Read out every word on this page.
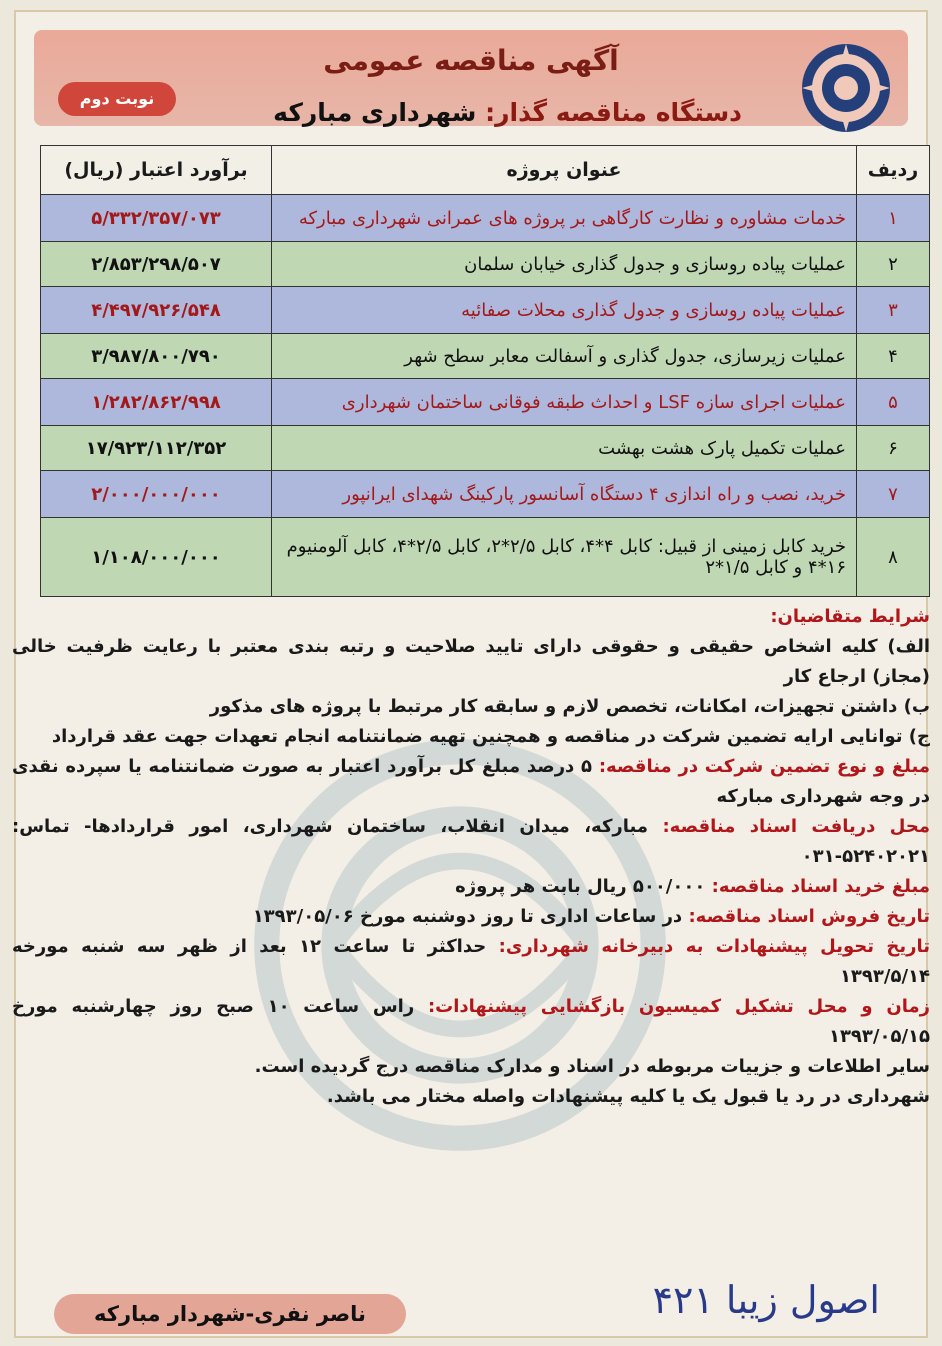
آگهی مناقصه عمومی
دستگاه مناقصه گذار: شهرداری مبارکه
نوبت دوم
ردیف	عنوان پروژه	برآورد اعتبار (ریال)
۱	خدمات مشاوره و نظارت کارگاهی بر پروژه های عمرانی شهرداری مبارکه	۵/۳۳۲/۳۵۷/۰۷۳
۲	عملیات پیاده روسازی و جدول گذاری خیابان سلمان	۲/۸۵۳/۲۹۸/۵۰۷
۳	عملیات پیاده روسازی و جدول گذاری محلات صفائیه	۴/۴۹۷/۹۲۶/۵۴۸
۴	عملیات زیرسازی، جدول گذاری و آسفالت معابر سطح شهر	۳/۹۸۷/۸۰۰/۷۹۰
۵	عملیات اجرای سازه LSF و احداث طبقه فوقانی ساختمان شهرداری	۱/۲۸۲/۸۶۲/۹۹۸
۶	عملیات تکمیل پارک هشت بهشت	۱۷/۹۲۳/۱۱۲/۳۵۲
۷	خرید، نصب و راه اندازی ۴ دستگاه آسانسور پارکینگ شهدای ایرانپور	۲/۰۰۰/۰۰۰/۰۰۰
۸	خرید کابل زمینی از قبیل: کابل ۴*۴، کابل ۲/۵*۲، کابل ۲/۵*۴، کابل آلومنیوم ۱۶*۴ و کابل ۱/۵*۲	۱/۱۰۸/۰۰۰/۰۰۰

شرایط متقاضیان:

الف) کلیه اشخاص حقیقی و حقوقی دارای تایید صلاحیت و رتبه بندی معتبر با رعایت ظرفیت خالی (مجاز) ارجاع کار

ب) داشتن تجهیزات، امکانات، تخصص لازم و سابقه کار مرتبط با پروژه های مذکور

ج) توانایی ارایه تضمین شرکت در مناقصه و همچنین تهیه ضمانتنامه انجام تعهدات جهت عقد قرارداد

مبلغ و نوع تضمین شرکت در مناقصه: ۵ درصد مبلغ کل برآورد اعتبار به صورت ضمانتنامه یا سپرده نقدی در وجه شهرداری مبارکه

محل دریافت اسناد مناقصه: مبارکه، میدان انقلاب، ساختمان شهرداری، امور قراردادها- تماس: ۵۲۴۰۲۰۲۱-۰۳۱

مبلغ خرید اسناد مناقصه: ۵۰۰/۰۰۰ ریال بابت هر پروژه

تاریخ فروش اسناد مناقصه: در ساعات اداری تا روز دوشنبه مورخ ۱۳۹۳/۰۵/۰۶

تاریخ تحویل پیشنهادات به دبیرخانه شهرداری: حداکثر تا ساعت ۱۲ بعد از ظهر سه شنبه مورخه ۱۳۹۳/۵/۱۴

زمان و محل تشکیل کمیسیون بازگشایی پیشنهادات: راس ساعت ۱۰ صبح روز چهارشنبه مورخ ۱۳۹۳/۰۵/۱۵

سایر اطلاعات و جزییات مربوطه در اسناد و مدارک مناقصه درج گردیده است.

شهرداری در رد یا قبول یک یا کلیه پیشنهادات واصله مختار می باشد.

ناصر نفری-شهردار مبارکه	اصول زیبا ۴۲۱
